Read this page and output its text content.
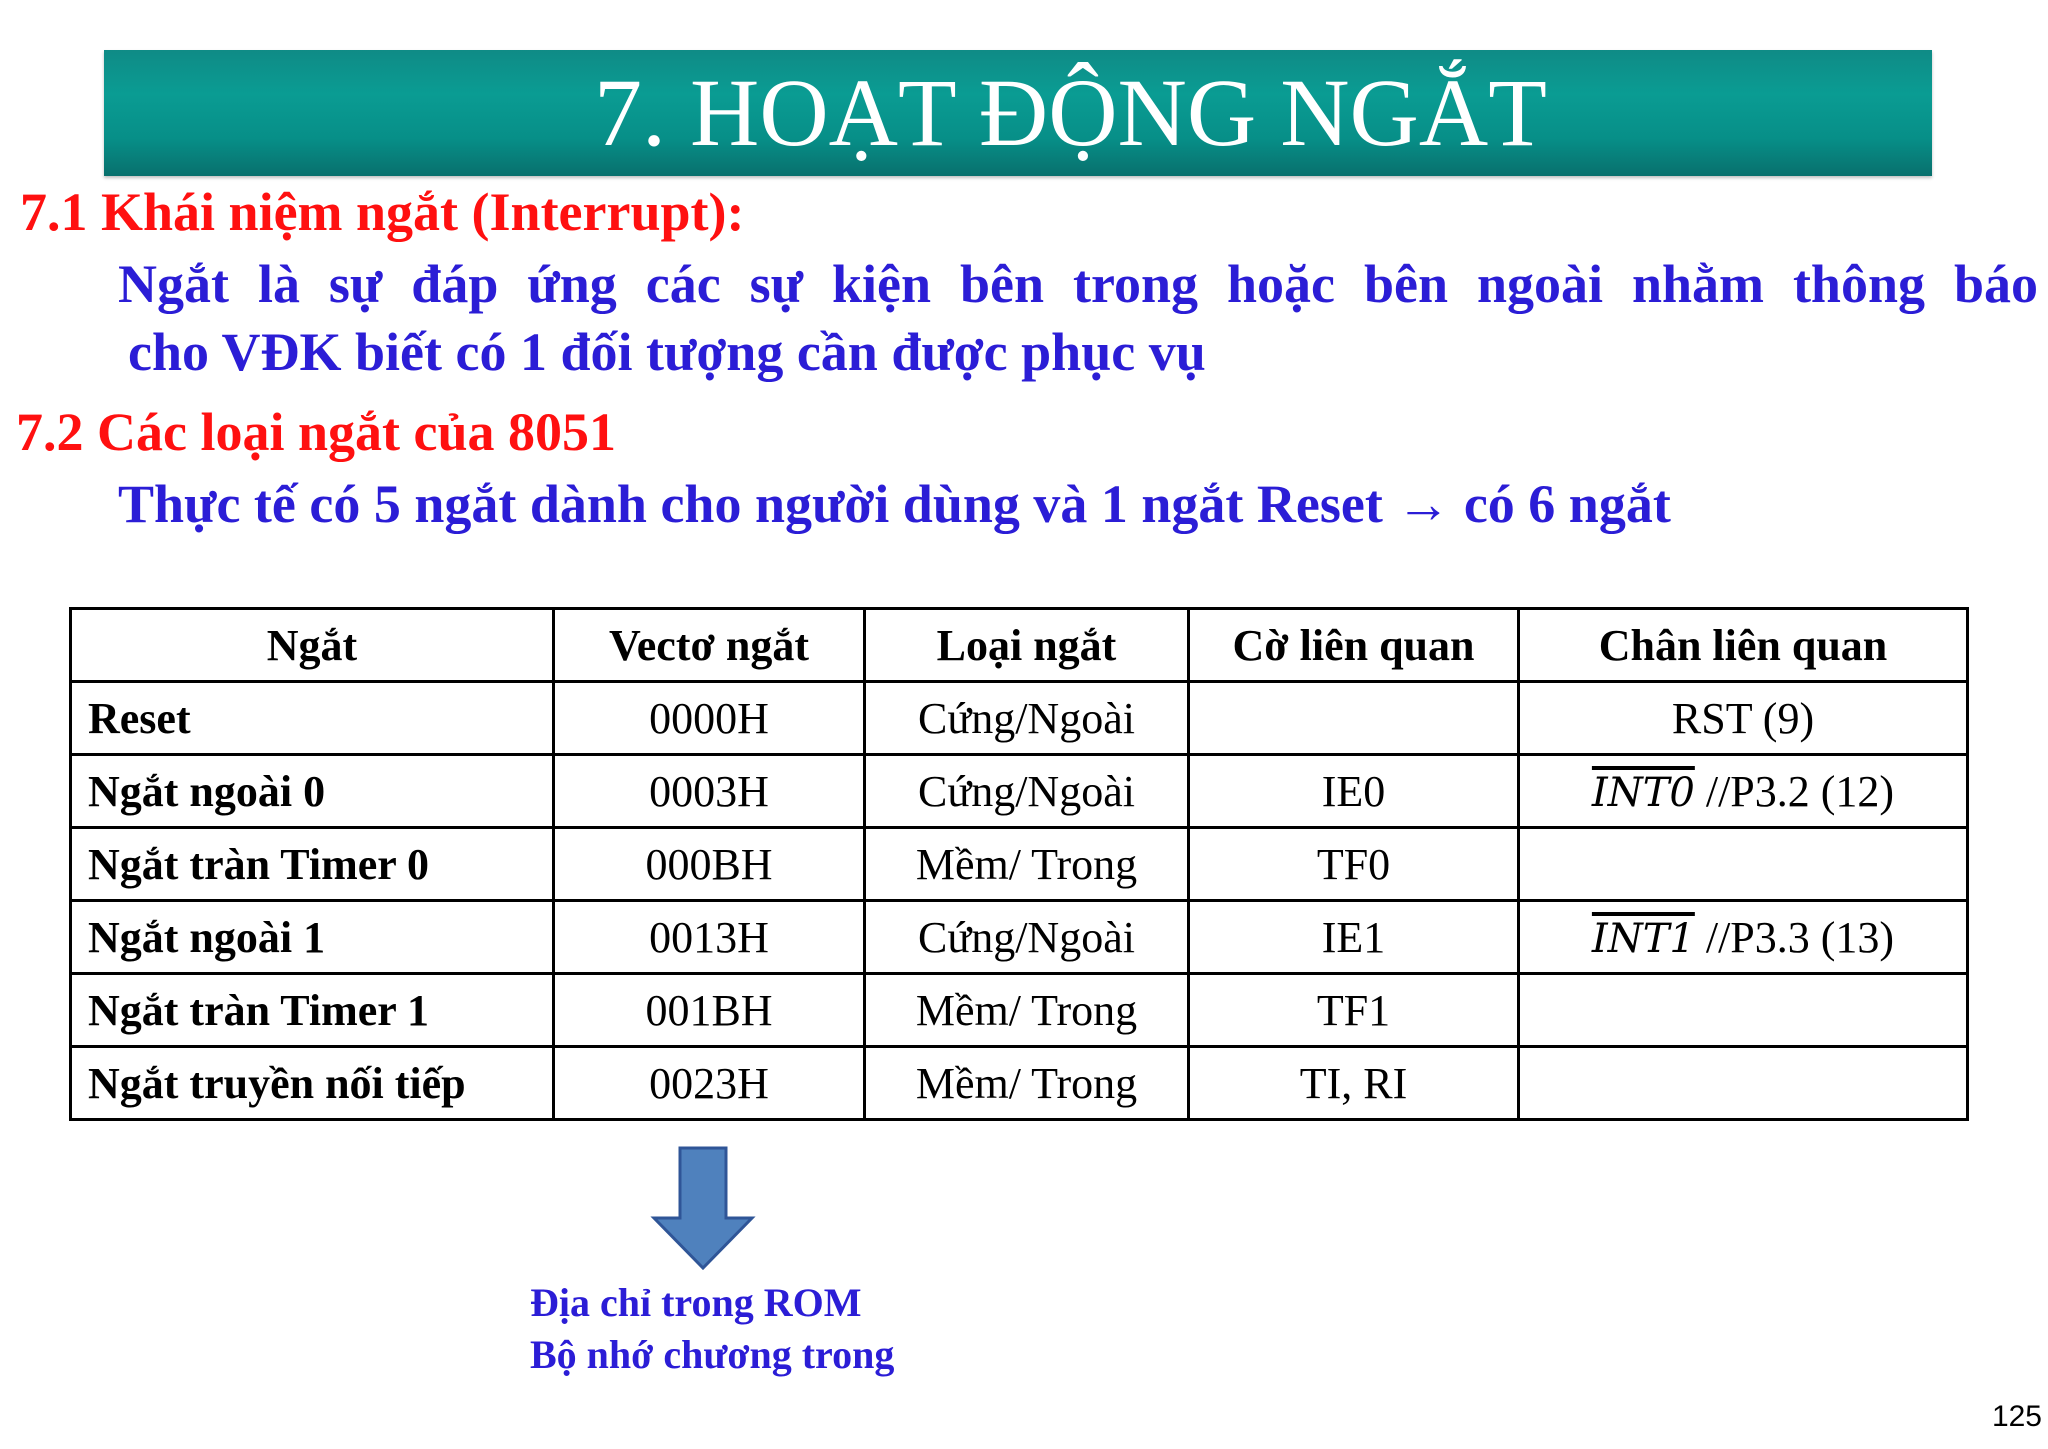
7. HOẠT ĐỘNG NGẮT
7.1 Khái niệm ngắt (Interrupt):
Ngắt là sự đáp ứng các sự kiện bên trong hoặc bên ngoài nhằm thông báo
cho VĐK biết có 1 đối tượng cần được phục vụ
7.2 Các loại ngắt của 8051
Thực tế có 5 ngắt dành cho người dùng và 1 ngắt Reset → có 6 ngắt
Ngắt	Vectơ ngắt	Loại ngắt	Cờ liên quan	Chân liên quan
Reset	0000H	Cứng/Ngoài		RST (9)
Ngắt ngoài 0	0003H	Cứng/Ngoài	IE0	INT0 //P3.2 (12)
Ngắt tràn Timer 0	000BH	Mềm/ Trong	TF0	
Ngắt ngoài 1	0013H	Cứng/Ngoài	IE1	INT1 //P3.3 (13)
Ngắt tràn Timer 1	001BH	Mềm/ Trong	TF1	
Ngắt truyền nối tiếp	0023H	Mềm/ Trong	TI, RI	
Địa chỉ trong ROM
Bộ nhớ chương trong
125
